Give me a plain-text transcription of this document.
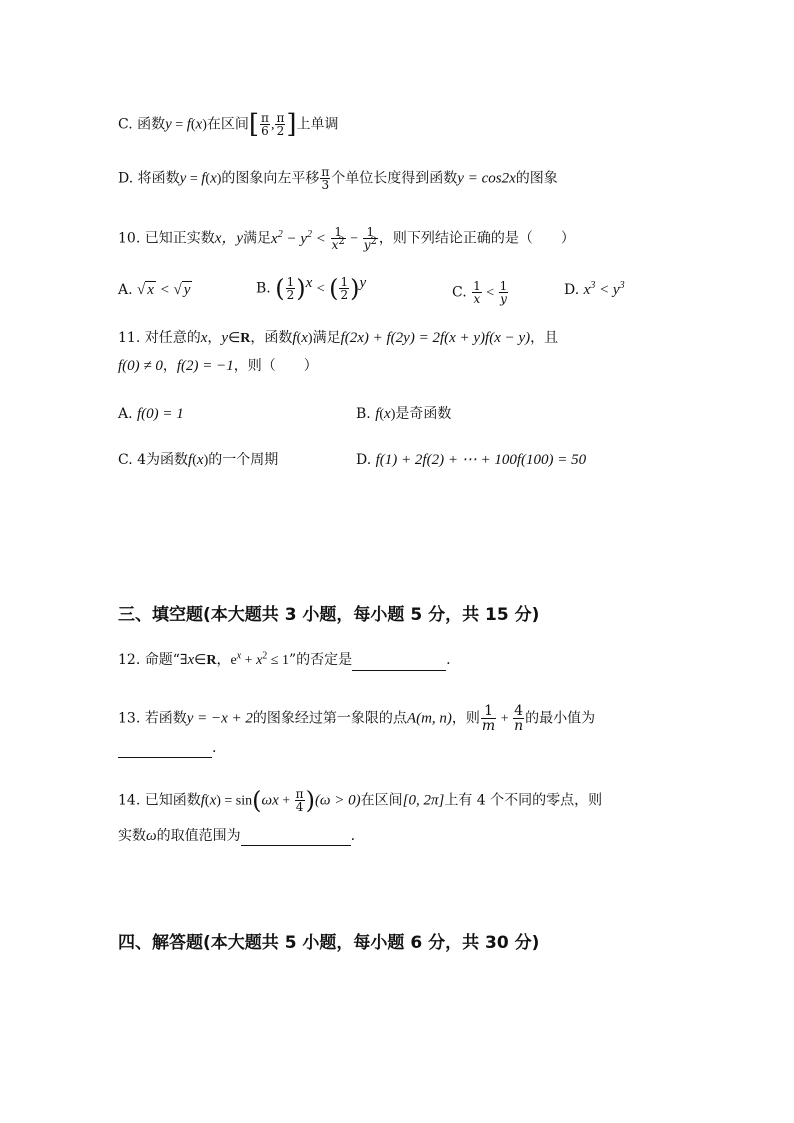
C. 函数y = f(x)在区间[ $\frac{\pi}{6}$ , $\frac{\pi}{2}$ ]上单调
D. 将函数y = f(x)的图象向左平移 $\frac{\pi}{3}$ 个单位长度得到函数y = cos2x的图象
10. 已知正实数x，y满足$x^2 - y^2 < \frac{1}{x^2} - \frac{1}{y^2}$ ，则下列结论正确的是（　　）
A. √ x < √ y	B. ( $\frac{1}{2} )^x$ < ( $\frac{1}{2} )^y$
C. $\frac{1}{x} < \frac{1}{y}$	D. $x^3 < y^3$
11. 对任意的x，y∈R，函数f(x)满足f(2x) + f(2y) = 2f(x + y)f(x − y)，且
f(0) ≠ 0，f(2) = −1，则（　　）
A. f(0) = 1	B. f(x)是奇函数
C. 4为函数f(x)的一个周期	D. f(1) + 2f(2) + ⋯ + 100f(100) = 50
三、填空题(本大题共 3 小题，每小题 5 分，共 15 分)
12. 命题“∃x∈R，$e^x + x^2 \le 1$”的否定是	.
13. 若函数y = −x + 2的图象经过第一象限的点A(m, n)，则 $\frac{1}{m} + \frac{4}{n}$ 的最小值为
.
14. 已知函数$f(x) = \sin(\omega x + \frac{\pi}{4} )(\omega > 0)$在区间[0, 2π]上有 4 个不同的零点，则
实数ω的取值范围为	.
四、解答题(本大题共 5 小题，每小题 6 分，共 30 分)
